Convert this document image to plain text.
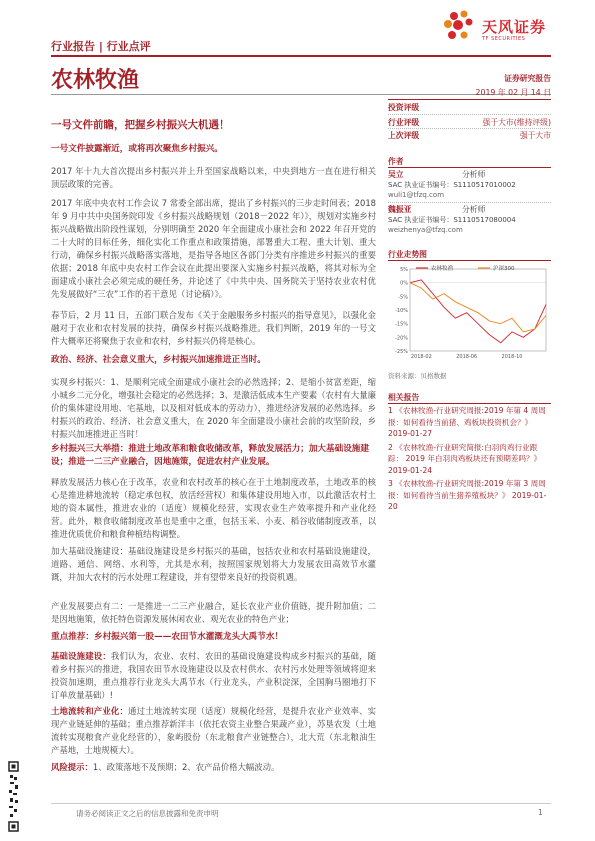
天风证券
TF SECURITIES
行业报告 | 行业点评
农林牧渔	证券研究报告
2019 年 02 月 14 日
投资评级
行业评级	强于大市(维持评级)
上次评级	强于大市
作者
吴立	分析师
SAC 执业证书编号：S1110517010002
wuli1@tfzq.com
魏振亚	分析师
SAC 执业证书编号：S1110517080004
weizhenya@tfzq.com
行业走势图
5%
0%
-5%
-10%
-15%
-20%
-25%
2018-02	2018-06	2018-10
农林牧渔	沪深300
资料来源：贝格数据
相关报告
1 《农林牧渔-行业研究周报:2019 年第 4 周周报：如何看待当前猪、鸡板块投资机会？》 2019-01-27
2 《农林牧渔-行业研究简报:白羽肉鸡行业跟踪： 2019 年白羽肉鸡板块还有预期差吗？》 2019-01-24
3 《农林牧渔-行业研究周报:2019 年第 3 周周报：如何看待当前生猪养殖板块？》 2019-01-20
一号文件前瞻，把握乡村振兴大机遇！
一号文件披露渐近，或将再次聚焦乡村振兴。
2017 年十九大首次提出乡村振兴并上升至国家战略以来，中央到地方一直在进行相关顶层政策的完善。
2017 年底中央农村工作会议 7 常委全部出席，提出了乡村振兴的三步走时间表；2018 年 9 月中共中央国务院印发《乡村振兴战略规划（2018－2022 年）》，规划对实施乡村振兴战略做出阶段性谋划，分别明确至 2020 年全面建成小康社会和 2022 年召开党的二十大时的目标任务，细化实化工作重点和政策措施，部署重大工程、重大计划、重大行动，确保乡村振兴战略落实落地，是指导各地区各部门分类有序推进乡村振兴的重要依据；2018 年底中央农村工作会议在此提出要深入实施乡村振兴战略，将其对标为全面建成小康社会必须完成的硬任务，并论述了《中共中央、国务院关于坚持农业农村优先发展做好“三农”工作的若干意见（讨论稿）》。
春节后，2 月 11 日，五部门联合发布《关于金融服务乡村振兴的指导意见》，以强化金融对于农业和农村发展的扶持，确保乡村振兴战略推进。我们判断，2019 年的一号文件大概率还将聚焦于农业和农村，乡村振兴仍将是核心。
政治、经济、社会意义重大，乡村振兴加速推进正当时。
实现乡村振兴：1、是顺利完成全面建成小康社会的必然选择；2、是缩小贫富差距，缩小城乡二元分化，增强社会稳定的必然选择；3、是激活低成本生产要素（农村有大量廉价的集体建设用地、宅基地，以及相对低成本的劳动力），推进经济发展的必然选择。乡村振兴的政治、经济、社会意义重大，在 2020 年全面建设小康社会前的攻坚阶段，乡村振兴加速推进正当时！
乡村振兴三大举措：推进土地改革和粮食收储改革，释放发展活力；加大基础设施建设；推进一二三产业融合，因地施策，促进农村产业发展。
释放发展活力核心在于改革，农业和农村改革的核心在于土地制度改革，土地改革的核心是推进耕地流转（稳定承包权，放活经营权）和集体建设用地入市，以此激活农村土地的资本属性，推进农业的（适度）规模化经营，实现农业生产效率提升和产业化经营。此外，粮食收储制度改革也是重中之重，包括玉米、小麦、稻谷收储制度改革，以推进优质优价和粮食种植结构调整。
加大基础设施建设：基础设施建设是乡村振兴的基础，包括农业和农村基础设施建设，道路、通信、网络、水利等，尤其是水利，按照国家规划将大力发展农田高效节水灌溉，并加大农村的污水处理工程建设，并有望带来良好的投资机遇。
产业发展要点有二：一是推进一二三产业融合，延长农业产业价值链，提升附加值；二是因地施策，依托特色资源发展休闲农业、观光农业的特色产业；
重点推荐：乡村振兴第一股——农田节水灌溉龙头大禹节水！
基础设施建设：我们认为，农业、农村、农田的基础设施建设构成乡村振兴的基础，随着乡村振兴的推进，我国农田节水设施建设以及农村供水、农村污水处理等领域将迎来投资加速期，重点推荐行业龙头大禹节水（行业龙头，产业积淀深，全国胸马圈地打下订单放量基础）!
土地流转和产业化：通过土地流转实现（适度）规模化经营，是提升农业产业效率、实现产业链延伸的基础；重点推荐新洋丰（依托农资主业整合果蔬产业），苏垦农发（土地流转实现粮食产业化经营的），象屿股份（东北粮食产业链整合），北大荒（东北粮油生产基地，土地规模大）。
风险提示：1、政策落地不及预期；2、农产品价格大幅波动。
请务必阅读正文之后的信息披露和免责申明	1
